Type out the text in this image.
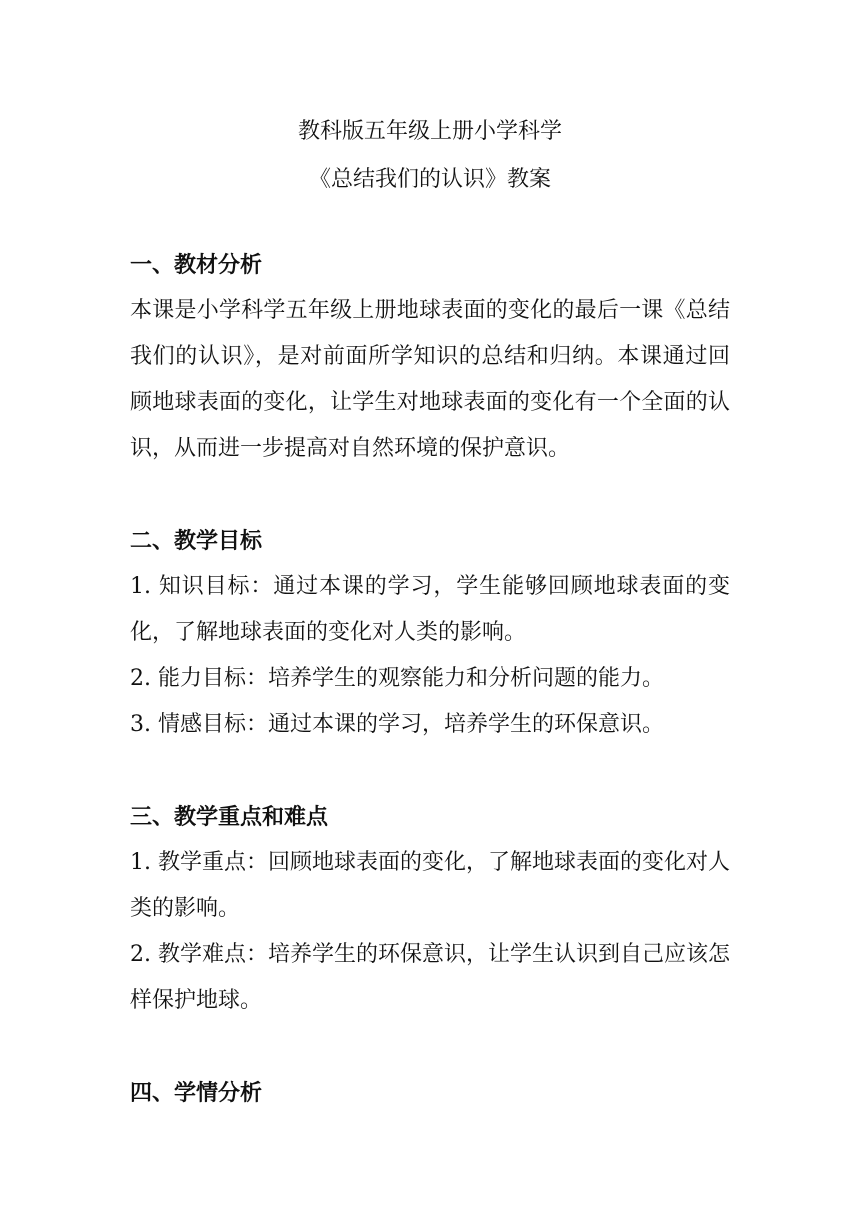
教科版五年级上册小学科学
《总结我们的认识》教案
一、教材分析

本课是小学科学五年级上册地球表面的变化的最后一课《总结我们的认识》，是对前面所学知识的总结和归纳。本课通过回顾地球表面的变化，让学生对地球表面的变化有一个全面的认识，从而进一步提高对自然环境的保护意识。

二、教学目标

1. 知识目标：通过本课的学习，学生能够回顾地球表面的变化，了解地球表面的变化对人类的影响。

2. 能力目标：培养学生的观察能力和分析问题的能力。

3. 情感目标：通过本课的学习，培养学生的环保意识。

三、教学重点和难点

1. 教学重点：回顾地球表面的变化，了解地球表面的变化对人类的影响。

2. 教学难点：培养学生的环保意识，让学生认识到自己应该怎样保护地球。

四、学情分析
